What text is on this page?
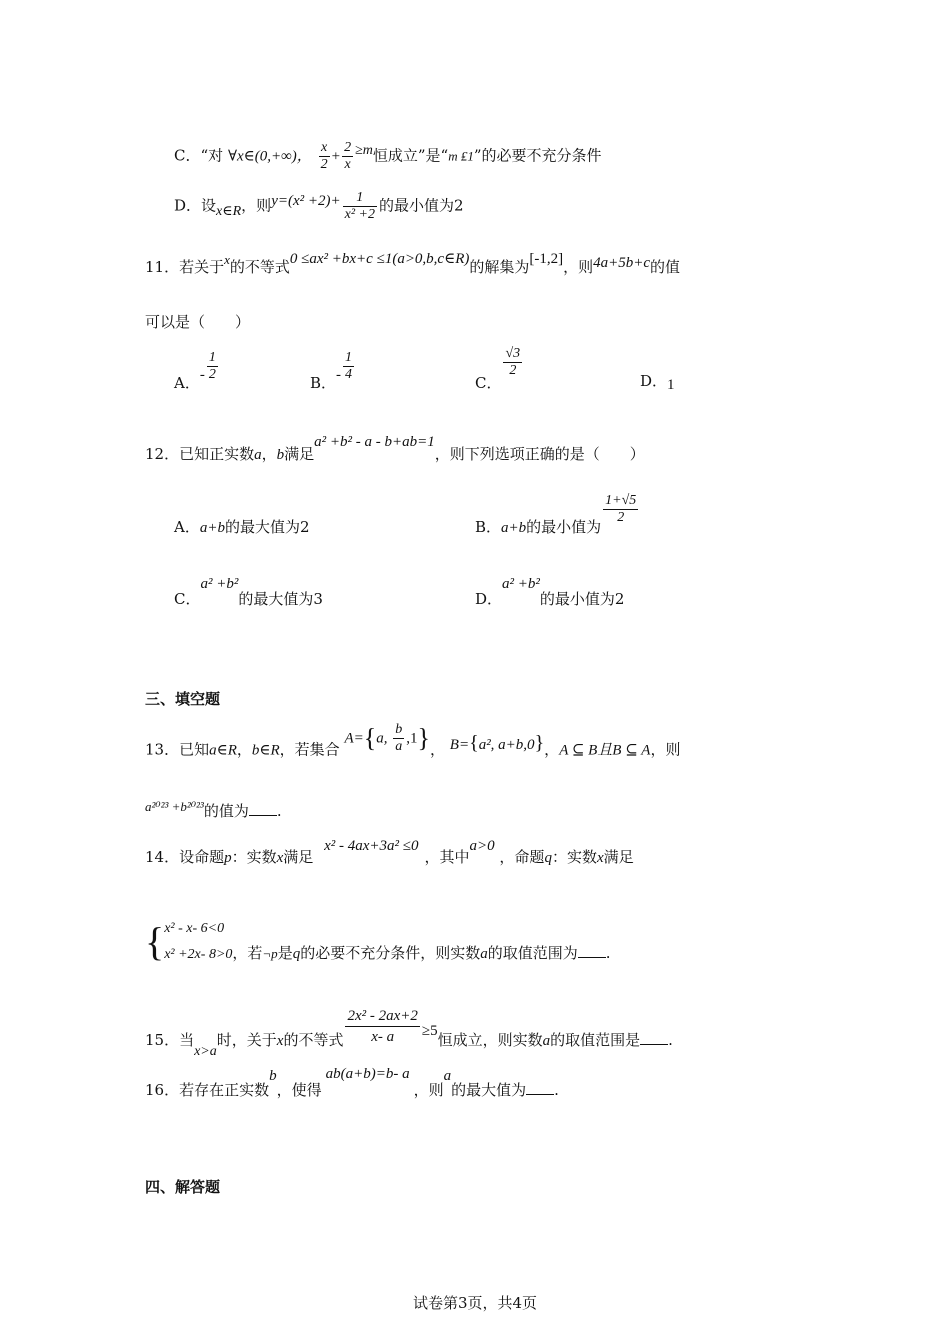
C．“对 ∀x∈(0,+∞)， $\frac{x}{2} + \frac{2}{x} \ge m$恒成立”是“m ₤1”的必要不充分条件
D．设x∈R，则$y=(x^2 +2)+ \frac{1}{\text{x² +2}}$ 的最小值为2
11．若关于x的不等式0 ≤ax² +bx+c ≤1(a>0,b,c∈R)的解集为[-1,2]，则4a+5b+c的值
可以是（　　）
A．- $\frac{1}{2}$	B．- $\frac{1}{4}$	C．
$\frac{√3}{2}$
D．1
12．已知正实数a，b满足a² +b² - a - b+ab=1，则下列选项正确的是（　　）
A．a+b的最大值为2	B．a+b的最小值为
$\frac{1+√5}{2}$
C．a² +b²的最大值为3	D．a² +b²的最小值为2
三、填空题
13．已知a∈R，b∈R，若集合 A={a, $\frac{b}{a} ,1$}， B={a², a+b,0}，A ⊆ B且B ⊆ A，则
a²⁰²³ +b²⁰²³的值为 .
14．设命题p：实数x满足 x² - 4ax+3a² ≤0，其中a>0 ，命题q：实数x满足
{ x² - x- 6<0
x² +2x- 8>0 ，若¬p是q的必要不充分条件，则实数a的取值范围为 .
15．当x>a时，关于x的不等式 $\frac{\text{2x² - 2ax+2}}{x- a} \ge 5$恒成立，则实数a的取值范围是 .
16．若存在正实数b，使得ab(a+b)=b- a，则a的最大值为 .
四、解答题
试卷第3页，共4页
